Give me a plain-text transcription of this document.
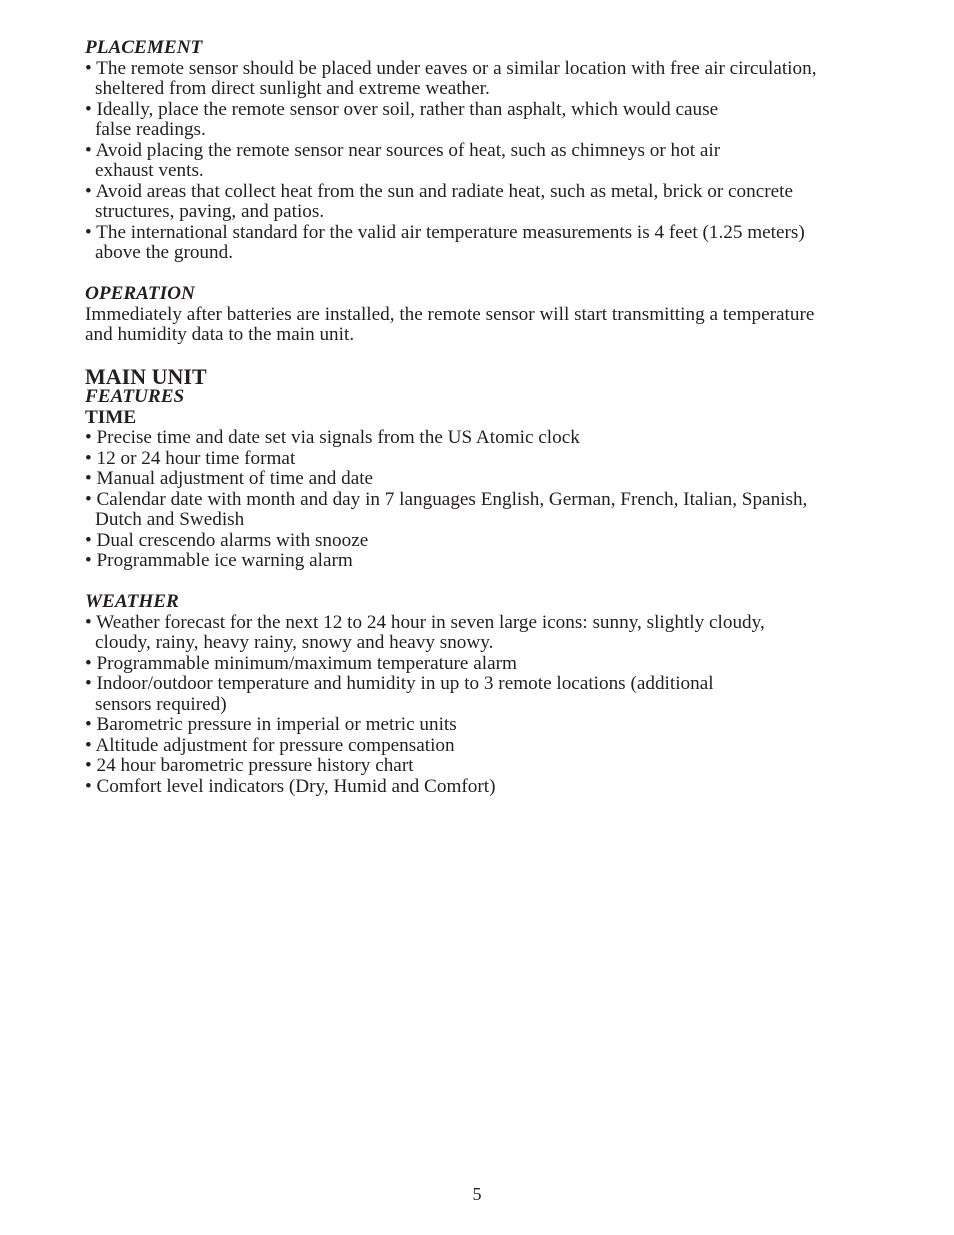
PLACEMENT
• The remote sensor should be placed under eaves or a similar location with free air circulation,
sheltered from direct sunlight and extreme weather.
• Ideally, place the remote sensor over soil, rather than asphalt, which would cause
false readings.
• Avoid placing the remote sensor near sources of heat, such as chimneys or hot air
exhaust vents.
• Avoid areas that collect heat from the sun and radiate heat, such as metal, brick or concrete
structures, paving, and patios.
• The international standard for the valid air temperature measurements is 4 feet (1.25 meters)
above the ground.
OPERATION
Immediately after batteries are installed, the remote sensor will start transmitting a temperature
and humidity data to the main unit.
MAIN UNIT
FEATURES
TIME
• Precise time and date set via signals from the US Atomic clock
• 12 or 24 hour time format
• Manual adjustment of time and date
• Calendar date with month and day in 7 languages English, German, French, Italian, Spanish,
Dutch and Swedish
• Dual crescendo alarms with snooze
• Programmable ice warning alarm
WEATHER
• Weather forecast for the next 12 to 24 hour in seven large icons: sunny, slightly cloudy,
cloudy, rainy, heavy rainy, snowy and heavy snowy.
• Programmable minimum/maximum temperature alarm
• Indoor/outdoor temperature and humidity in up to 3 remote locations (additional
sensors required)
• Barometric pressure in imperial or metric units
• Altitude adjustment for pressure compensation
• 24 hour barometric pressure history chart
• Comfort level indicators (Dry, Humid and Comfort)
5
